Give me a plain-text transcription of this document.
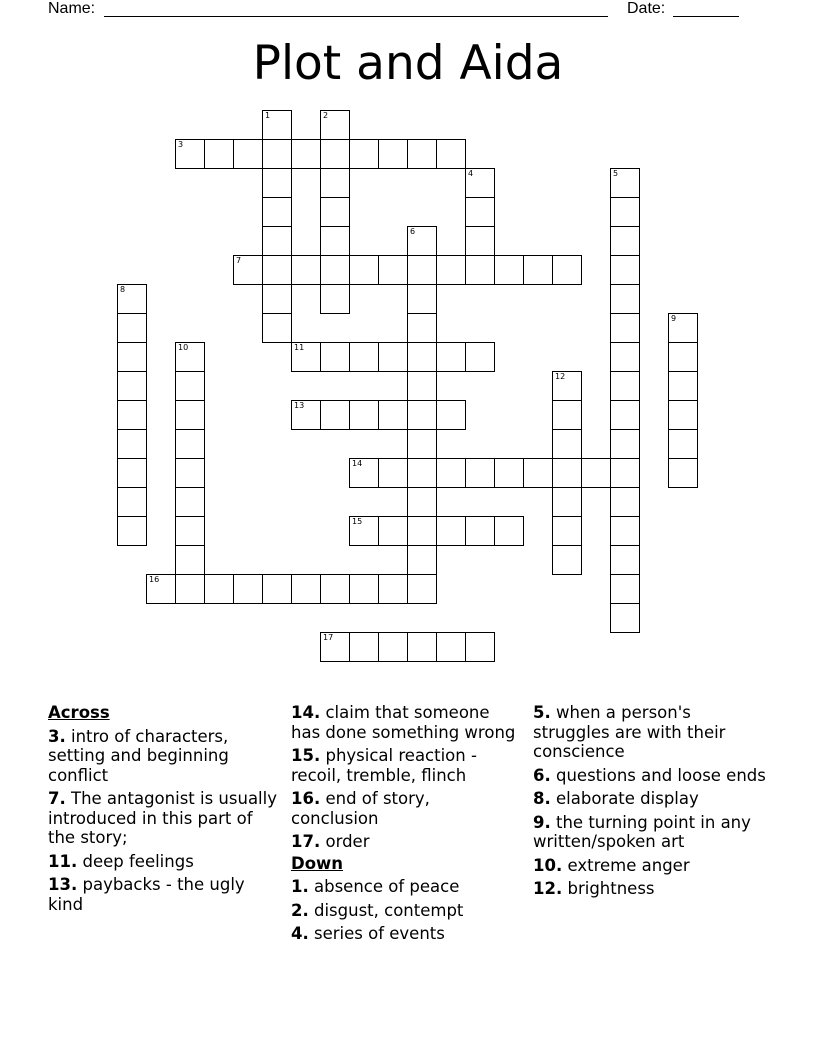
Name:	Date:
Plot and Aida
3
7
11
13
14
15
16
17
1	2
4	5
6
8
9
10
12
Across
3. intro of characters, setting and beginning conflict
7. The antagonist is usually introduced in this part of the story;
11. deep feelings
13. paybacks - the ugly kind
14. claim that someone has done something wrong
15. physical reaction - recoil, tremble, flinch
16. end of story, conclusion
17. order
Down
1. absence of peace
2. disgust, contempt
4. series of events
5. when a person's struggles are with their conscience
6. questions and loose ends
8. elaborate display
9. the turning point in any written/spoken art
10. extreme anger
12. brightness
